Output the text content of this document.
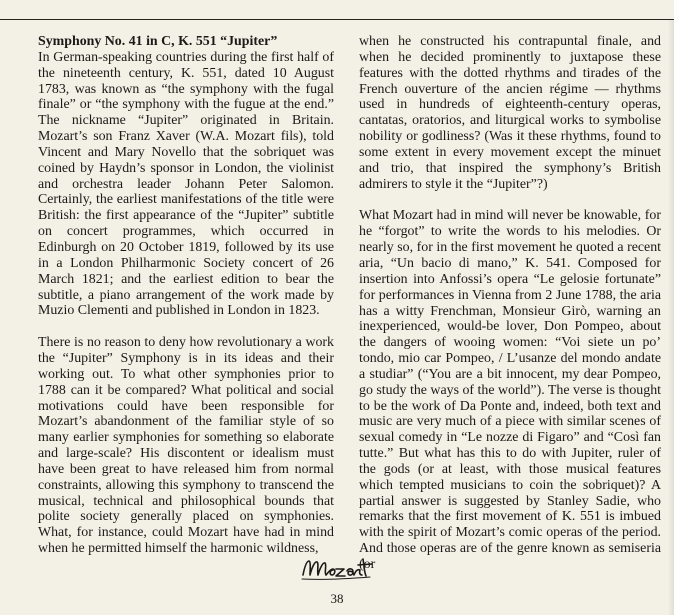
Symphony No. 41 in C, K. 551 “Jupiter”
In German-speaking countries during the first half of the nineteenth century, K. 551, dated 10 August 1783, was known as “the symphony with the fugal finale” or “the symphony with the fugue at the end.” The nickname “Jupiter” originated in Britain. Mozart’s son Franz Xaver (W.A. Mozart fils), told Vincent and Mary Novello that the sobriquet was coined by Haydn’s sponsor in London, the violinist and orchestra leader Johann Peter Salomon. Certainly, the earliest manifestations of the title were British: the first appearance of the “Jupiter” subtitle on concert programmes, which occurred in Edinburgh on 20 October 1819, followed by its use in a London Philharmonic Society concert of 26 March 1821; and the earliest edition to bear the subtitle, a piano arrangement of the work made by Muzio Clementi and published in London in 1823.

There is no reason to deny how revolutionary a work the “Jupiter” Symphony is in its ideas and their working out. To what other symphonies prior to 1788 can it be compared? What political and social motivations could have been responsible for Mozart’s abandonment of the familiar style of so many earlier symphonies for something so elaborate and large-scale? His discontent or idealism must have been great to have released him from normal constraints, allowing this symphony to transcend the musical, technical and philosophical bounds that polite society generally placed on symphonies. What, for instance, could Mozart have had in mind when he permitted himself the harmonic wildness,

when he constructed his contrapuntal finale, and when he decided prominently to juxtapose these features with the dotted rhythms and tirades of the French ouverture of the ancien régime — rhythms used in hundreds of eighteenth-century operas, cantatas, oratorios, and liturgical works to symbolise nobility or godliness? (Was it these rhythms, found to some extent in every movement except the minuet and trio, that inspired the symphony’s British admirers to style it the “Jupiter”?)

What Mozart had in mind will never be knowable, for he “forgot” to write the words to his melodies. Or nearly so, for in the first movement he quoted a recent aria, “Un bacio di mano,” K. 541. Composed for insertion into Anfossi’s opera “Le gelosie fortunate” for performances in Vienna from 2 June 1788, the aria has a witty Frenchman, Monsieur Girò, warning an inexperienced, would-be lover, Don Pompeo, about the dangers of wooing women: “Voi siete un po’ tondo, mio car Pompeo, / L’usanze del mondo andate a studiar” (“You are a bit innocent, my dear Pompeo, go study the ways of the world”). The verse is thought to be the work of Da Ponte and, indeed, both text and music are very much of a piece with similar scenes of sexual comedy in “Le nozze di Figaro” and “Così fan tutte.” But what has this to do with Jupiter, ruler of the gods (or at least, with those musical features which tempted musicians to coin the sobriquet)? A partial answer is suggested by Stanley Sadie, who remarks that the first movement of K. 551 is imbued with the spirit of Mozart’s comic operas of the period. And those operas are of the genre known as semiseria (or

38
